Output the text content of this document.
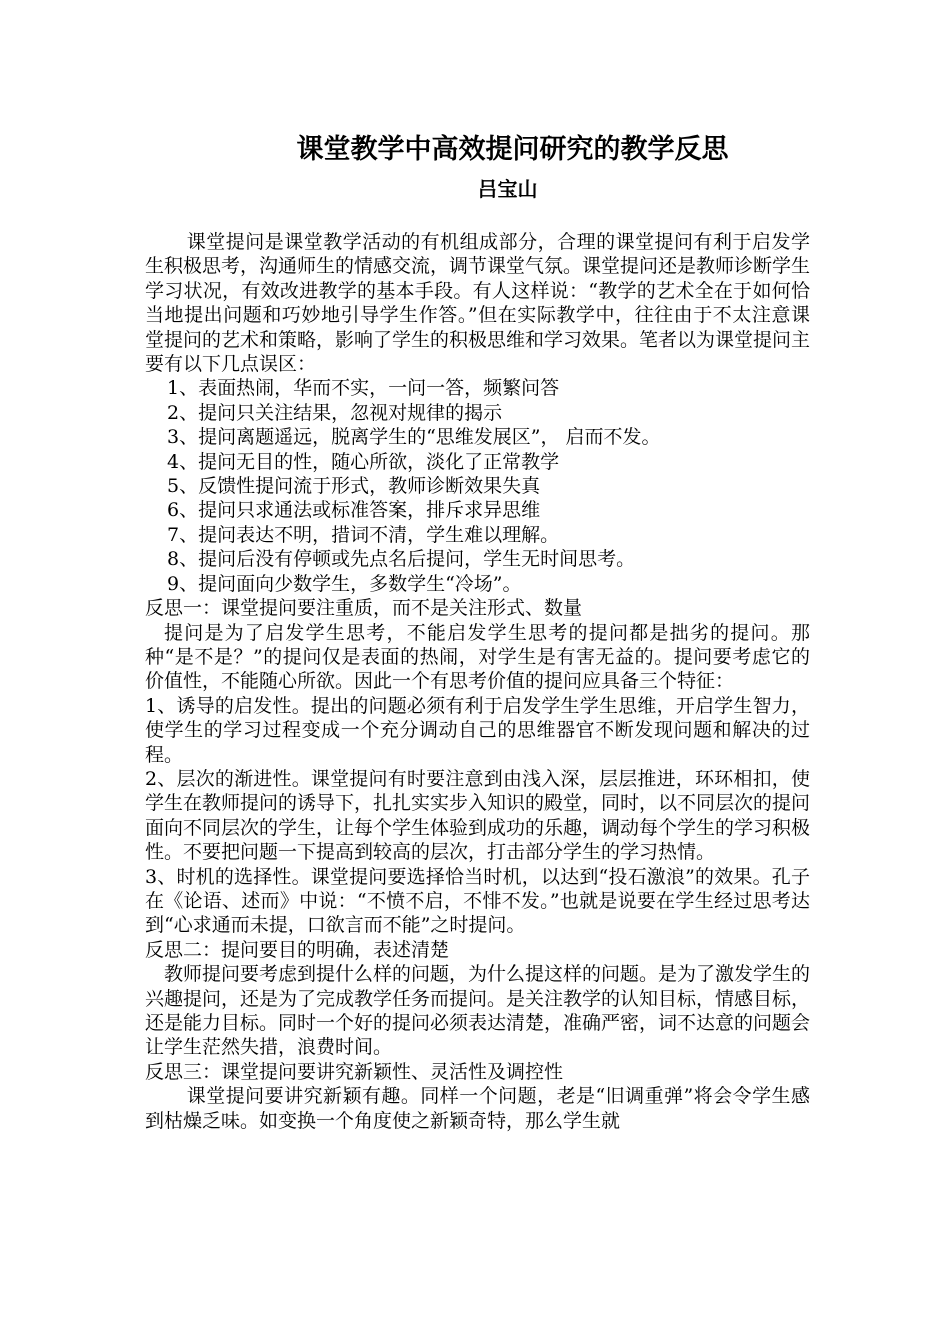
课堂教学中高效提问研究的教学反思
吕宝山

课堂提问是课堂教学活动的有机组成部分，合理的课堂提问有利于启发学生积极思考，沟通师生的情感交流，调节课堂气氛。课堂提问还是教师诊断学生学习状况，有效改进教学的基本手段。有人这样说：“教学的艺术全在于如何恰当地提出问题和巧妙地引导学生作答。”但在实际教学中，往往由于不太注意课堂提问的艺术和策略，影响了学生的积极思维和学习效果。笔者以为课堂提问主要有以下几点误区：

1、表面热闹，华而不实，一问一答，频繁问答

2、提问只关注结果，忽视对规律的揭示

3、提问离题遥远，脱离学生的“思维发展区”， 启而不发。

4、提问无目的性，随心所欲，淡化了正常教学

5、反馈性提问流于形式，教师诊断效果失真

6、提问只求通法或标准答案，排斥求异思维

7、提问表达不明，措词不清，学生难以理解。

8、提问后没有停顿或先点名后提问，学生无时间思考。

9、提问面向少数学生，多数学生“冷场”。

反思一：课堂提问要注重质，而不是关注形式、数量

提问是为了启发学生思考，不能启发学生思考的提问都是拙劣的提问。那种“是不是？”的提问仅是表面的热闹，对学生是有害无益的。提问要考虑它的价值性，不能随心所欲。因此一个有思考价值的提问应具备三个特征：

1、诱导的启发性。提出的问题必须有利于启发学生学生思维，开启学生智力，使学生的学习过程变成一个充分调动自己的思维器官不断发现问题和解决的过程。

2、层次的渐进性。课堂提问有时要注意到由浅入深，层层推进，环环相扣，使学生在教师提问的诱导下，扎扎实实步入知识的殿堂，同时，以不同层次的提问面向不同层次的学生，让每个学生体验到成功的乐趣，调动每个学生的学习积极性。不要把问题一下提高到较高的层次，打击部分学生的学习热情。

3、时机的选择性。课堂提问要选择恰当时机，以达到“投石激浪”的效果。孔子在《论语、述而》中说：“不愤不启，不悱不发。”也就是说要在学生经过思考达到“心求通而未提，口欲言而不能”之时提问。

反思二：提问要目的明确，表述清楚

教师提问要考虑到提什么样的问题，为什么提这样的问题。是为了激发学生的兴趣提问，还是为了完成教学任务而提问。是关注教学的认知目标，情感目标，还是能力目标。同时一个好的提问必须表达清楚，准确严密，词不达意的问题会让学生茫然失措，浪费时间。

反思三：课堂提问要讲究新颖性、灵活性及调控性

课堂提问要讲究新颖有趣。同样一个问题，老是“旧调重弹”将会令学生感到枯燥乏味。如变换一个角度使之新颖奇特，那么学生就
